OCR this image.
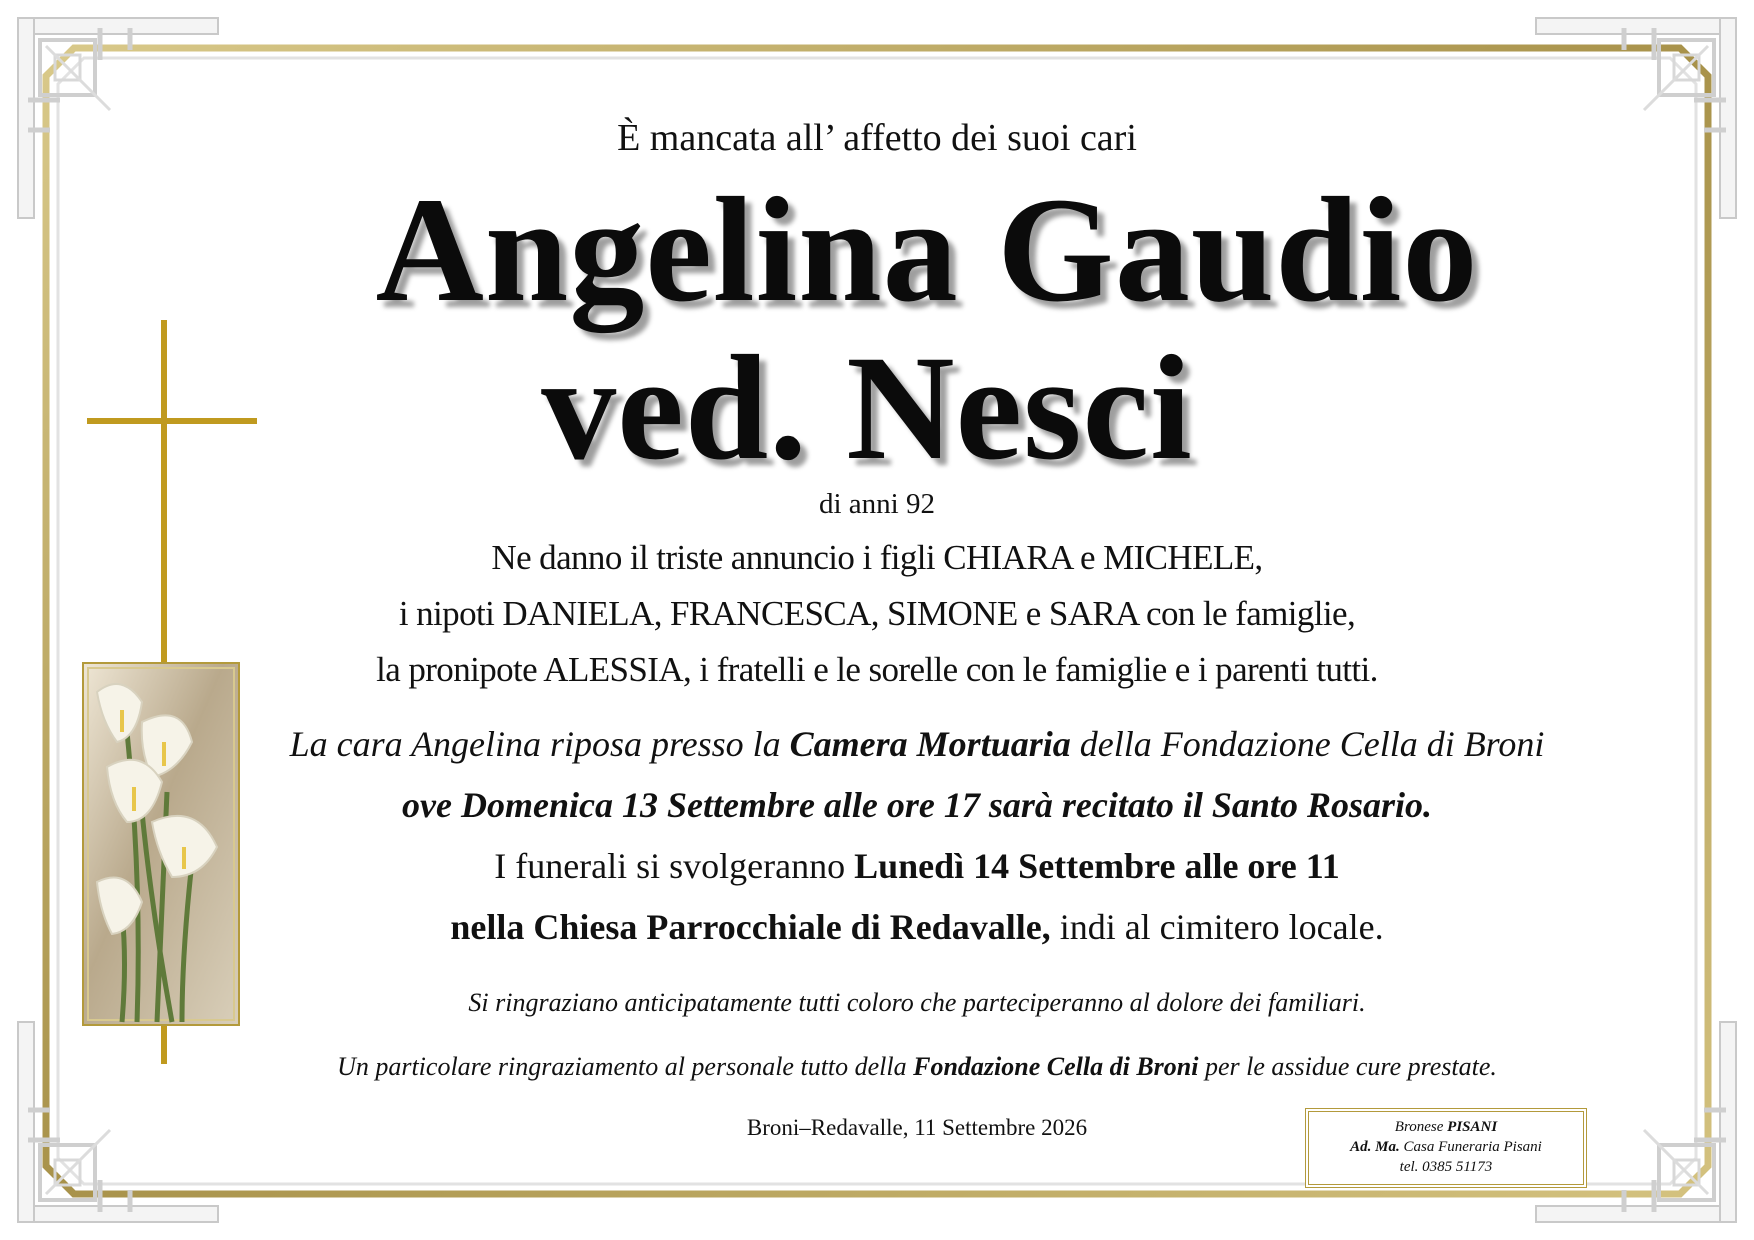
È mancata all’ affetto dei suoi cari
Angelina Gaudio
ved. Nesci
di anni 92
Ne danno il triste annuncio i figli CHIARA e MICHELE,
i nipoti DANIELA, FRANCESCA, SIMONE e SARA con le famiglie,
la pronipote ALESSIA, i fratelli e le sorelle con le famiglie e i parenti tutti.
La cara Angelina riposa presso la Camera Mortuaria della Fondazione Cella di Broni
ove Domenica 13 Settembre alle ore 17 sarà recitato il Santo Rosario.
I funerali si svolgeranno Lunedì 14 Settembre alle ore 11
nella Chiesa Parrocchiale di Redavalle, indi al cimitero locale.
Si ringraziano anticipatamente tutti coloro che parteciperanno al dolore dei familiari.
Un particolare ringraziamento al personale tutto della Fondazione Cella di Broni per le assidue cure prestate.
Broni–Redavalle, 11 Settembre 2026	Bronese PISANI
Ad. Ma. Casa Funeraria Pisani
tel. 0385 51173
